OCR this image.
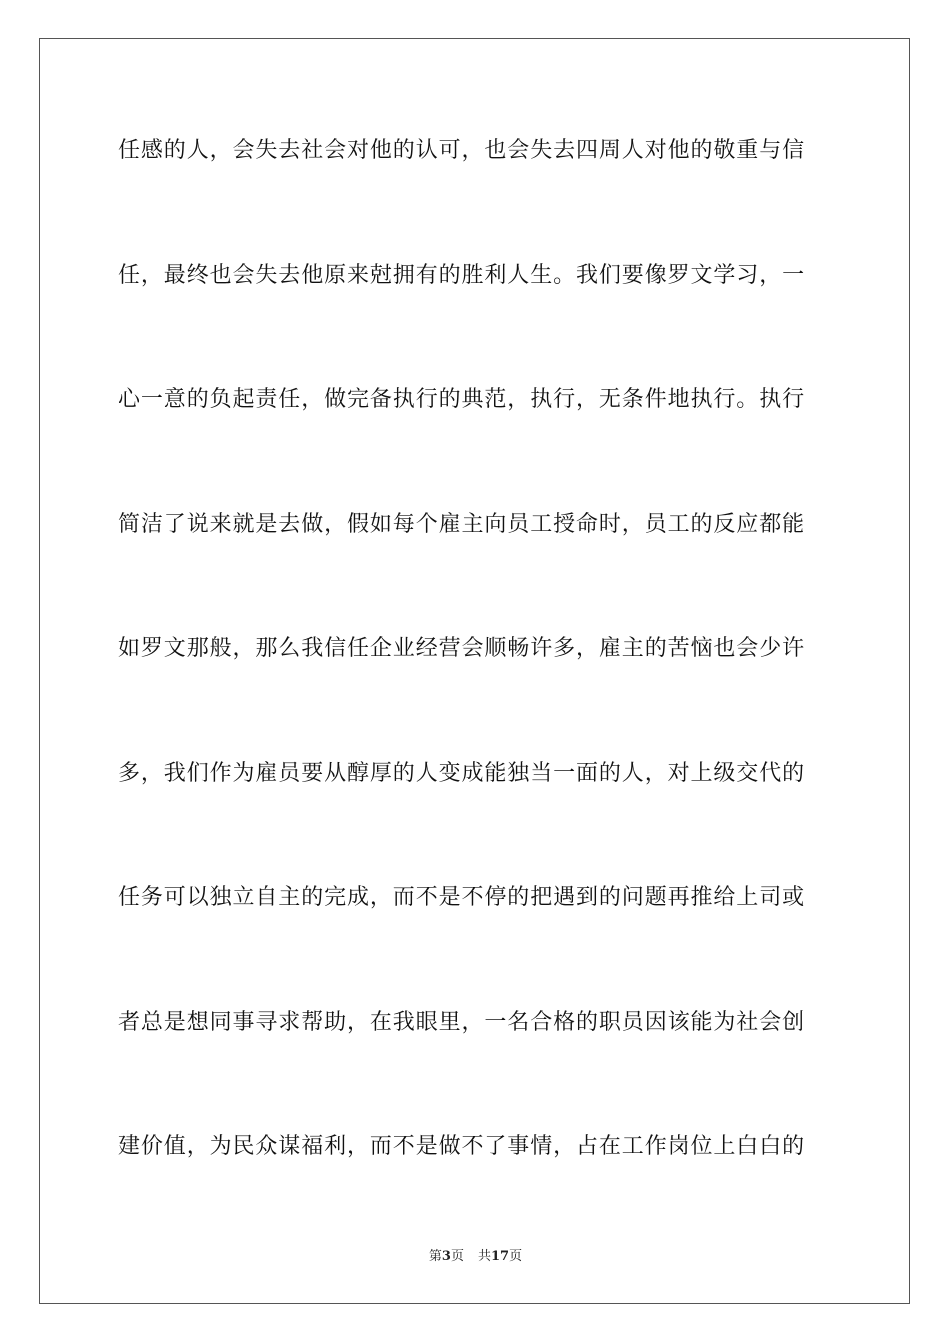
任感的人，会失去社会对他的认可，也会失去四周人对他的敬重与信
任，最终也会失去他原来尅拥有的胜利人生。我们要像罗文学习，一
心一意的负起责任，做完备执行的典范，执行，无条件地执行。执行
简洁了说来就是去做，假如每个雇主向员工授命时，员工的反应都能
如罗文那般，那么我信任企业经营会顺畅许多，雇主的苦恼也会少许
多，我们作为雇员要从醇厚的人变成能独当一面的人，对上级交代的
任务可以独立自主的完成，而不是不停的把遇到的问题再推给上司或
者总是想同事寻求帮助，在我眼里，一名合格的职员因该能为社会创
建价值，为民众谋福利，而不是做不了事情，占在工作岗位上白白的
第3页 共17页
